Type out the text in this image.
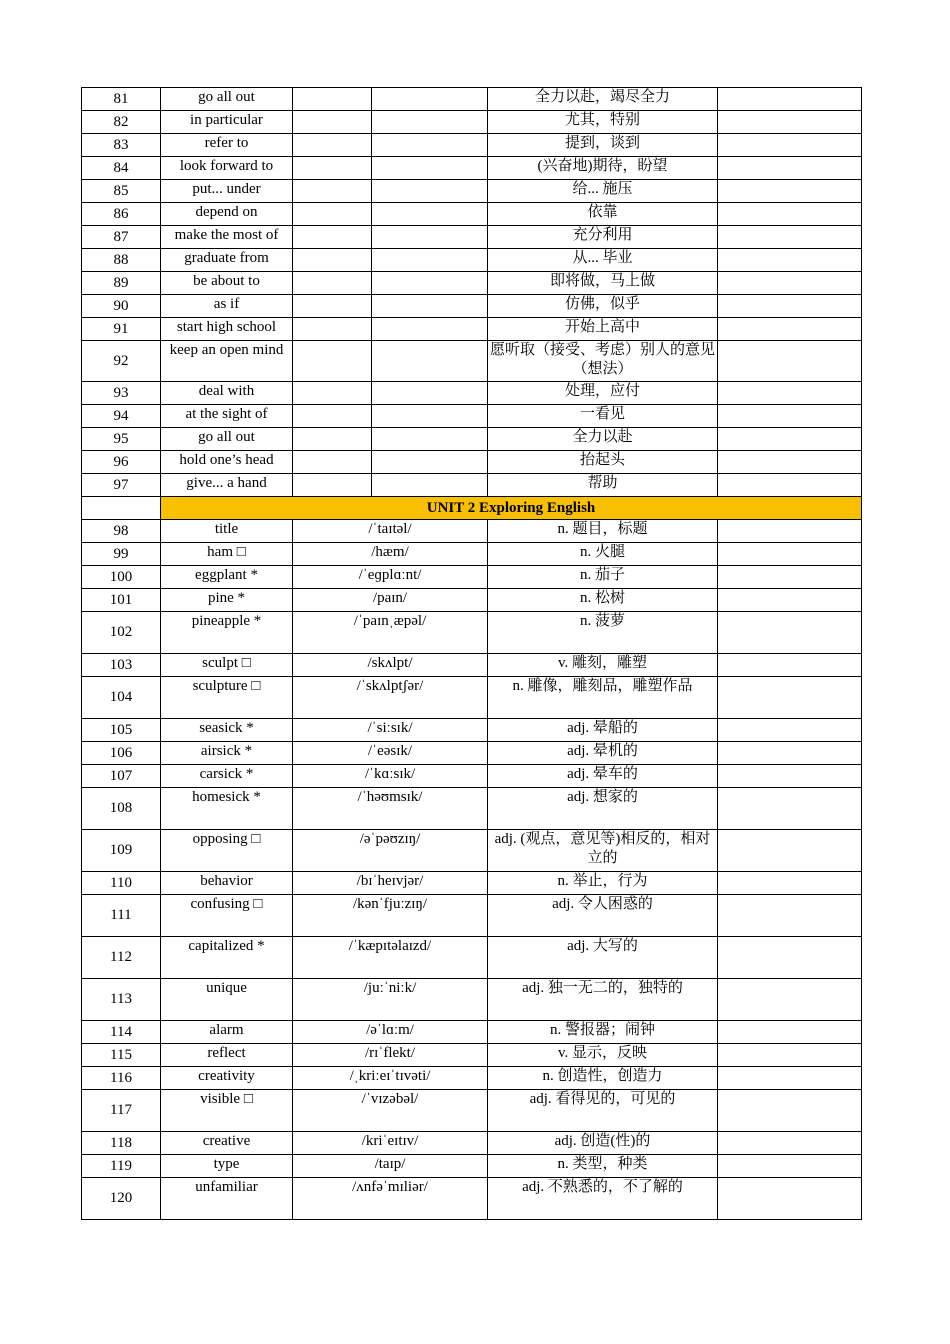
81	go all out			全力以赴，竭尽全力	
82	in particular			尤其，特别	
83	refer to			提到，谈到	
84	look forward to			(兴奋地)期待，盼望	
85	put... under			给... 施压	
86	depend on			依靠	
87	make the most of			充分利用	
88	graduate from			从... 毕业	
89	be about to			即将做，马上做	
90	as if			仿佛，似乎	
91	start high school			开始上高中	
92	keep an open mind			愿听取（接受、考虑）别人的意见（想法）	
93	deal with			处理，应付	
94	at the sight of			一看见	
95	go all out			全力以赴	
96	hold one’s head			抬起头	
97	give... a hand			帮助	
	UNIT 2 Exploring English				
98	title	/ˈtaɪtəl/		n. 题目，标题	
99	ham □	/hæm/		n. 火腿	
100	eggplant *	/ˈeɡplɑːnt/		n. 茄子	
101	pine *	/paɪn/		n. 松树	
102	pineapple *	/ˈpaɪnˌæpəl/		n. 菠萝	
103	sculpt □	/skʌlpt/		v. 雕刻，雕塑	
104	sculpture □	/ˈskʌlptʃər/		n. 雕像，雕刻品，雕塑作品	
105	seasick *	/ˈsiːsɪk/		adj. 晕船的	
106	airsick *	/ˈeəsɪk/		adj. 晕机的	
107	carsick *	/ˈkɑːsɪk/		adj. 晕车的	
108	homesick *	/ˈhəʊmsɪk/		adj. 想家的	
109	opposing □	/əˈpəʊzɪŋ/		adj. (观点，意见等)相反的，相对立的	
110	behavior	/bɪˈheɪvjər/		n. 举止，行为	
111	confusing □	/kənˈfjuːzɪŋ/		adj. 令人困惑的	
112	capitalized *	/ˈkæpɪtəlaɪzd/		adj. 大写的	
113	unique	/juːˈniːk/		adj. 独一无二的，独特的	
114	alarm	/əˈlɑːm/		n. 警报器；闹钟	
115	reflect	/rɪˈflekt/		v. 显示，反映	
116	creativity	/ˌkriːeɪˈtɪvəti/		n. 创造性，创造力	
117	visible □	/ˈvɪzəbəl/		adj. 看得见的，可见的	
118	creative	/kriˈeɪtɪv/		adj. 创造(性)的	
119	type	/taɪp/		n. 类型，种类	
120	unfamiliar	/ʌnfəˈmɪliər/		adj. 不熟悉的，不了解的	
